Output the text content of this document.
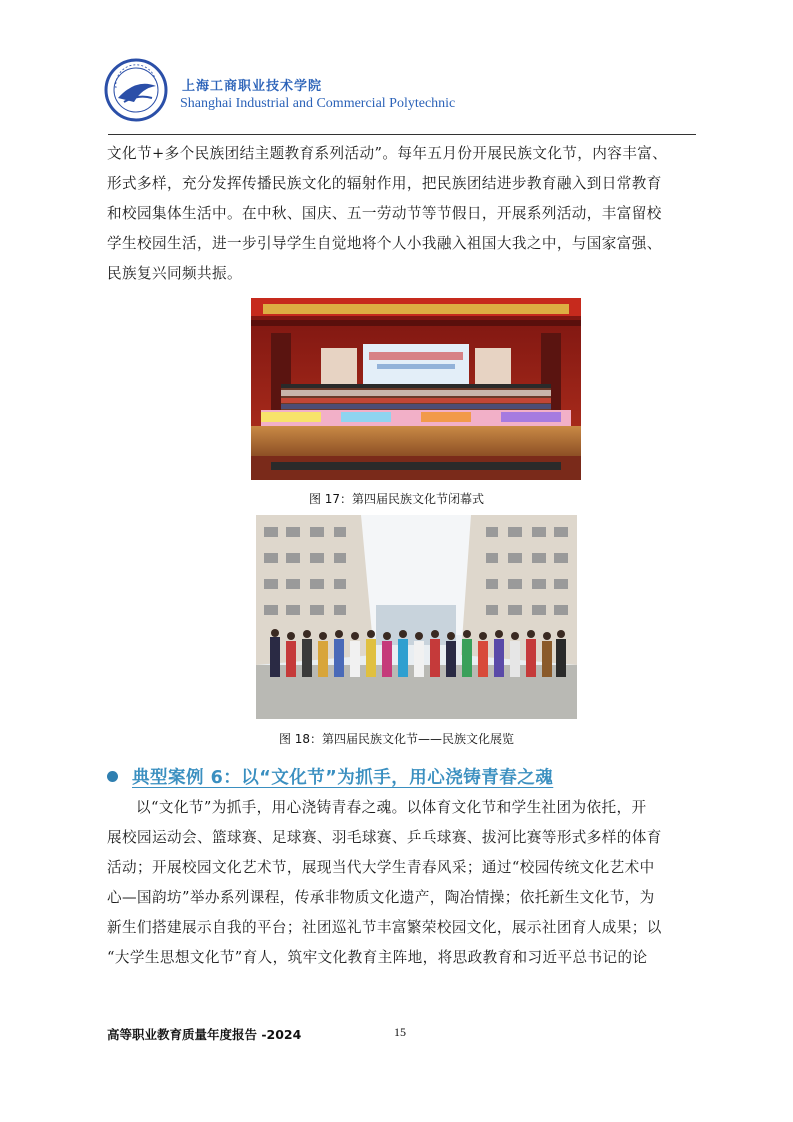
上海工商职业技术学院
Shanghai Industrial and Commercial Polytechnic
文化节+多个民族团结主题教育系列活动”。每年五月份开展民族文化节，内容丰富、
形式多样，充分发挥传播民族文化的辐射作用，把民族团结进步教育融入到日常教育
和校园集体生活中。在中秋、国庆、五一劳动节等节假日，开展系列活动，丰富留校
学生校园生活，进一步引导学生自觉地将个人小我融入祖国大我之中，与国家富强、
民族复兴同频共振。
图 17：第四届民族文化节闭幕式
图 18：第四届民族文化节——民族文化展览
典型案例 6：以“文化节”为抓手，用心浇铸青春之魂
以“文化节”为抓手，用心浇铸青春之魂。以体育文化节和学生社团为依托，开
展校园运动会、篮球赛、足球赛、羽毛球赛、乒乓球赛、拔河比赛等形式多样的体育
活动；开展校园文化艺术节，展现当代大学生青春风采；通过“校园传统文化艺术中
心—国韵坊”举办系列课程，传承非物质文化遗产，陶冶情操；依托新生文化节，为
新生们搭建展示自我的平台；社团巡礼节丰富繁荣校园文化，展示社团育人成果；以
“大学生思想文化节”育人，筑牢文化教育主阵地，将思政教育和习近平总书记的论
高等职业教育质量年度报告 -2024	15
